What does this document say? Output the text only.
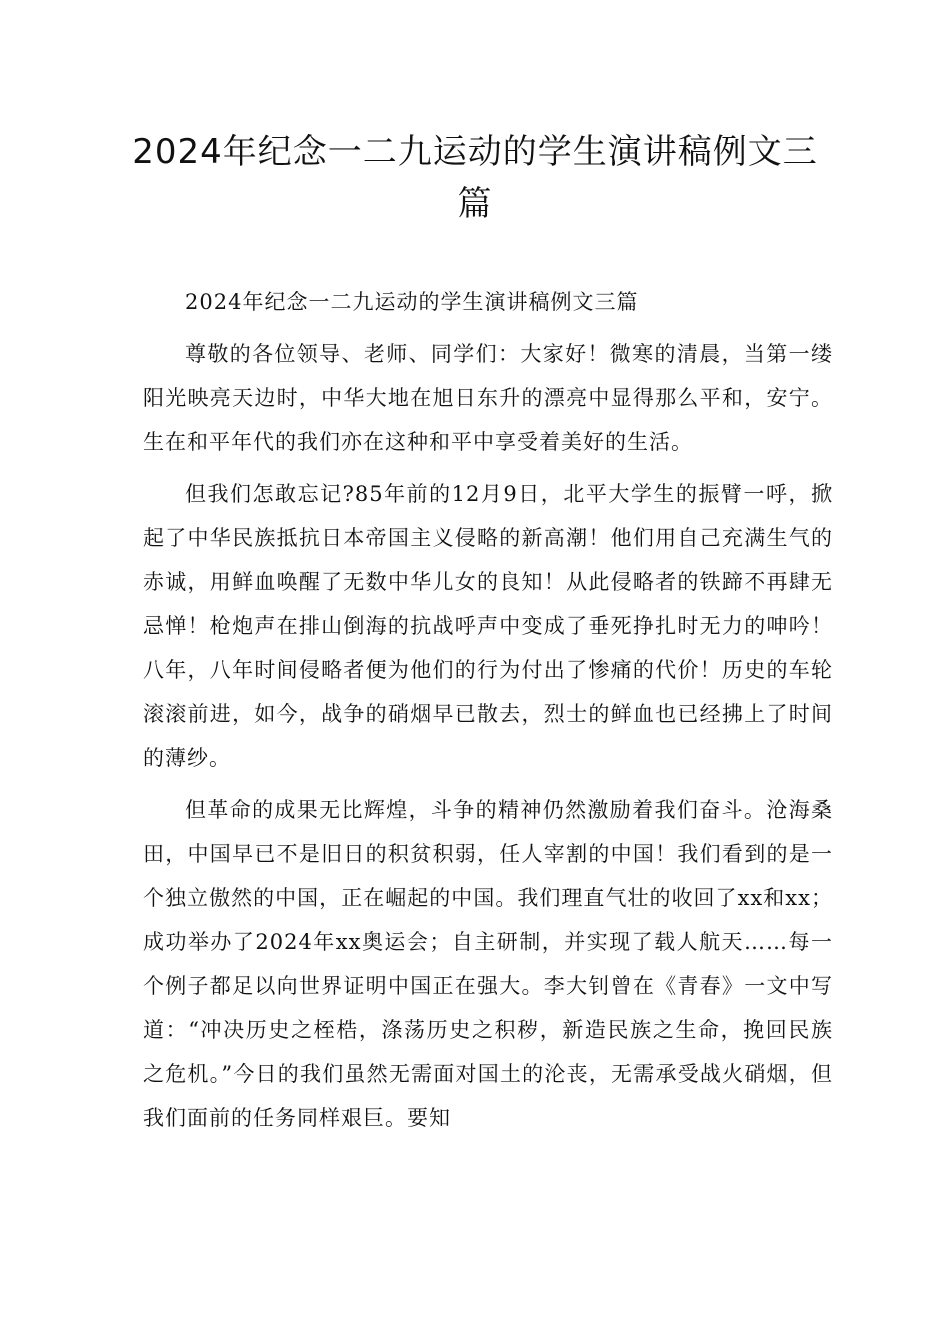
2024年纪念一二九运动的学生演讲稿例文三篇

2024年纪念一二九运动的学生演讲稿例文三篇

尊敬的各位领导、老师、同学们：大家好！微寒的清晨，当第一缕阳光映亮天边时，中华大地在旭日东升的漂亮中显得那么平和，安宁。生在和平年代的我们亦在这种和平中享受着美好的生活。

但我们怎敢忘记?85年前的12月9日，北平大学生的振臂一呼，掀起了中华民族抵抗日本帝国主义侵略的新高潮！他们用自己充满生气的赤诚，用鲜血唤醒了无数中华儿女的良知！从此侵略者的铁蹄不再肆无忌惮！枪炮声在排山倒海的抗战呼声中变成了垂死挣扎时无力的呻吟！八年，八年时间侵略者便为他们的行为付出了惨痛的代价！历史的车轮滚滚前进，如今，战争的硝烟早已散去，烈士的鲜血也已经拂上了时间的薄纱。

但革命的成果无比辉煌，斗争的精神仍然激励着我们奋斗。沧海桑田，中国早已不是旧日的积贫积弱，任人宰割的中国！我们看到的是一个独立傲然的中国，正在崛起的中国。我们理直气壮的收回了xx和xx；成功举办了2024年xx奥运会；自主研制，并实现了载人航天……每一个例子都足以向世界证明中国正在强大。李大钊曾在《青春》一文中写道：“冲决历史之桎梏，涤荡历史之积秽，新造民族之生命，挽回民族之危机。”今日的我们虽然无需面对国土的沦丧，无需承受战火硝烟，但我们面前的任务同样艰巨。要知
